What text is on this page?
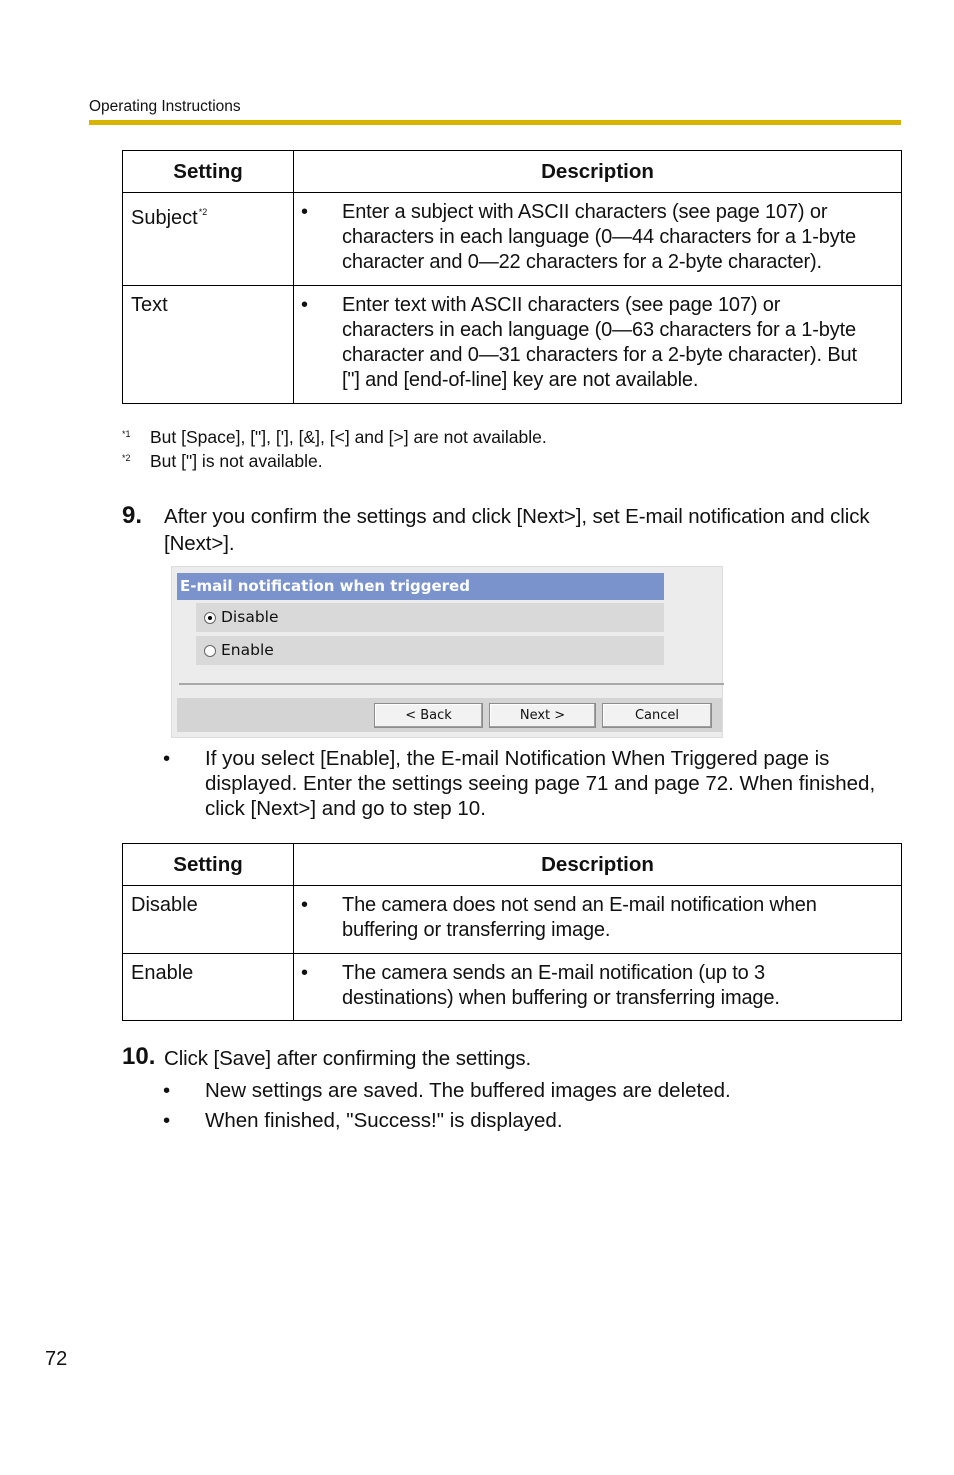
Operating Instructions
Setting	Description
Subject$^{*2}$	• Enter a subject with ASCII characters (see page 107) or
characters in each language (0—44 characters for a 1-byte
character and 0—22 characters for a 2-byte character).

Text	• Enter text with ASCII characters (see page 107) or
characters in each language (0—63 characters for a 1-byte
character and 0—31 characters for a 2-byte character). But
["] and [end-of-line] key are not available.
*1	But [Space], ["], ['], [&], [<] and [>] are not available.
*2	But ["] is not available.
9. After you confirm the settings and click [Next>], set E-mail notification and click
[Next>].
E-mail notification when triggered
Disable
Enable
< Back	Next >	Cancel
•	If you select [Enable], the E-mail Notification When Triggered page is
displayed. Enter the settings seeing page 71 and page 72. When finished,
click [Next>] and go to step 10.
Setting	Description
Disable	• The camera does not send an E-mail notification when
buffering or transferring image.

Enable	• The camera sends an E-mail notification (up to 3
destinations) when buffering or transferring image.
10. Click [Save] after confirming the settings.
•	New settings are saved. The buffered images are deleted.
•	When finished, "Success!" is displayed.
72
